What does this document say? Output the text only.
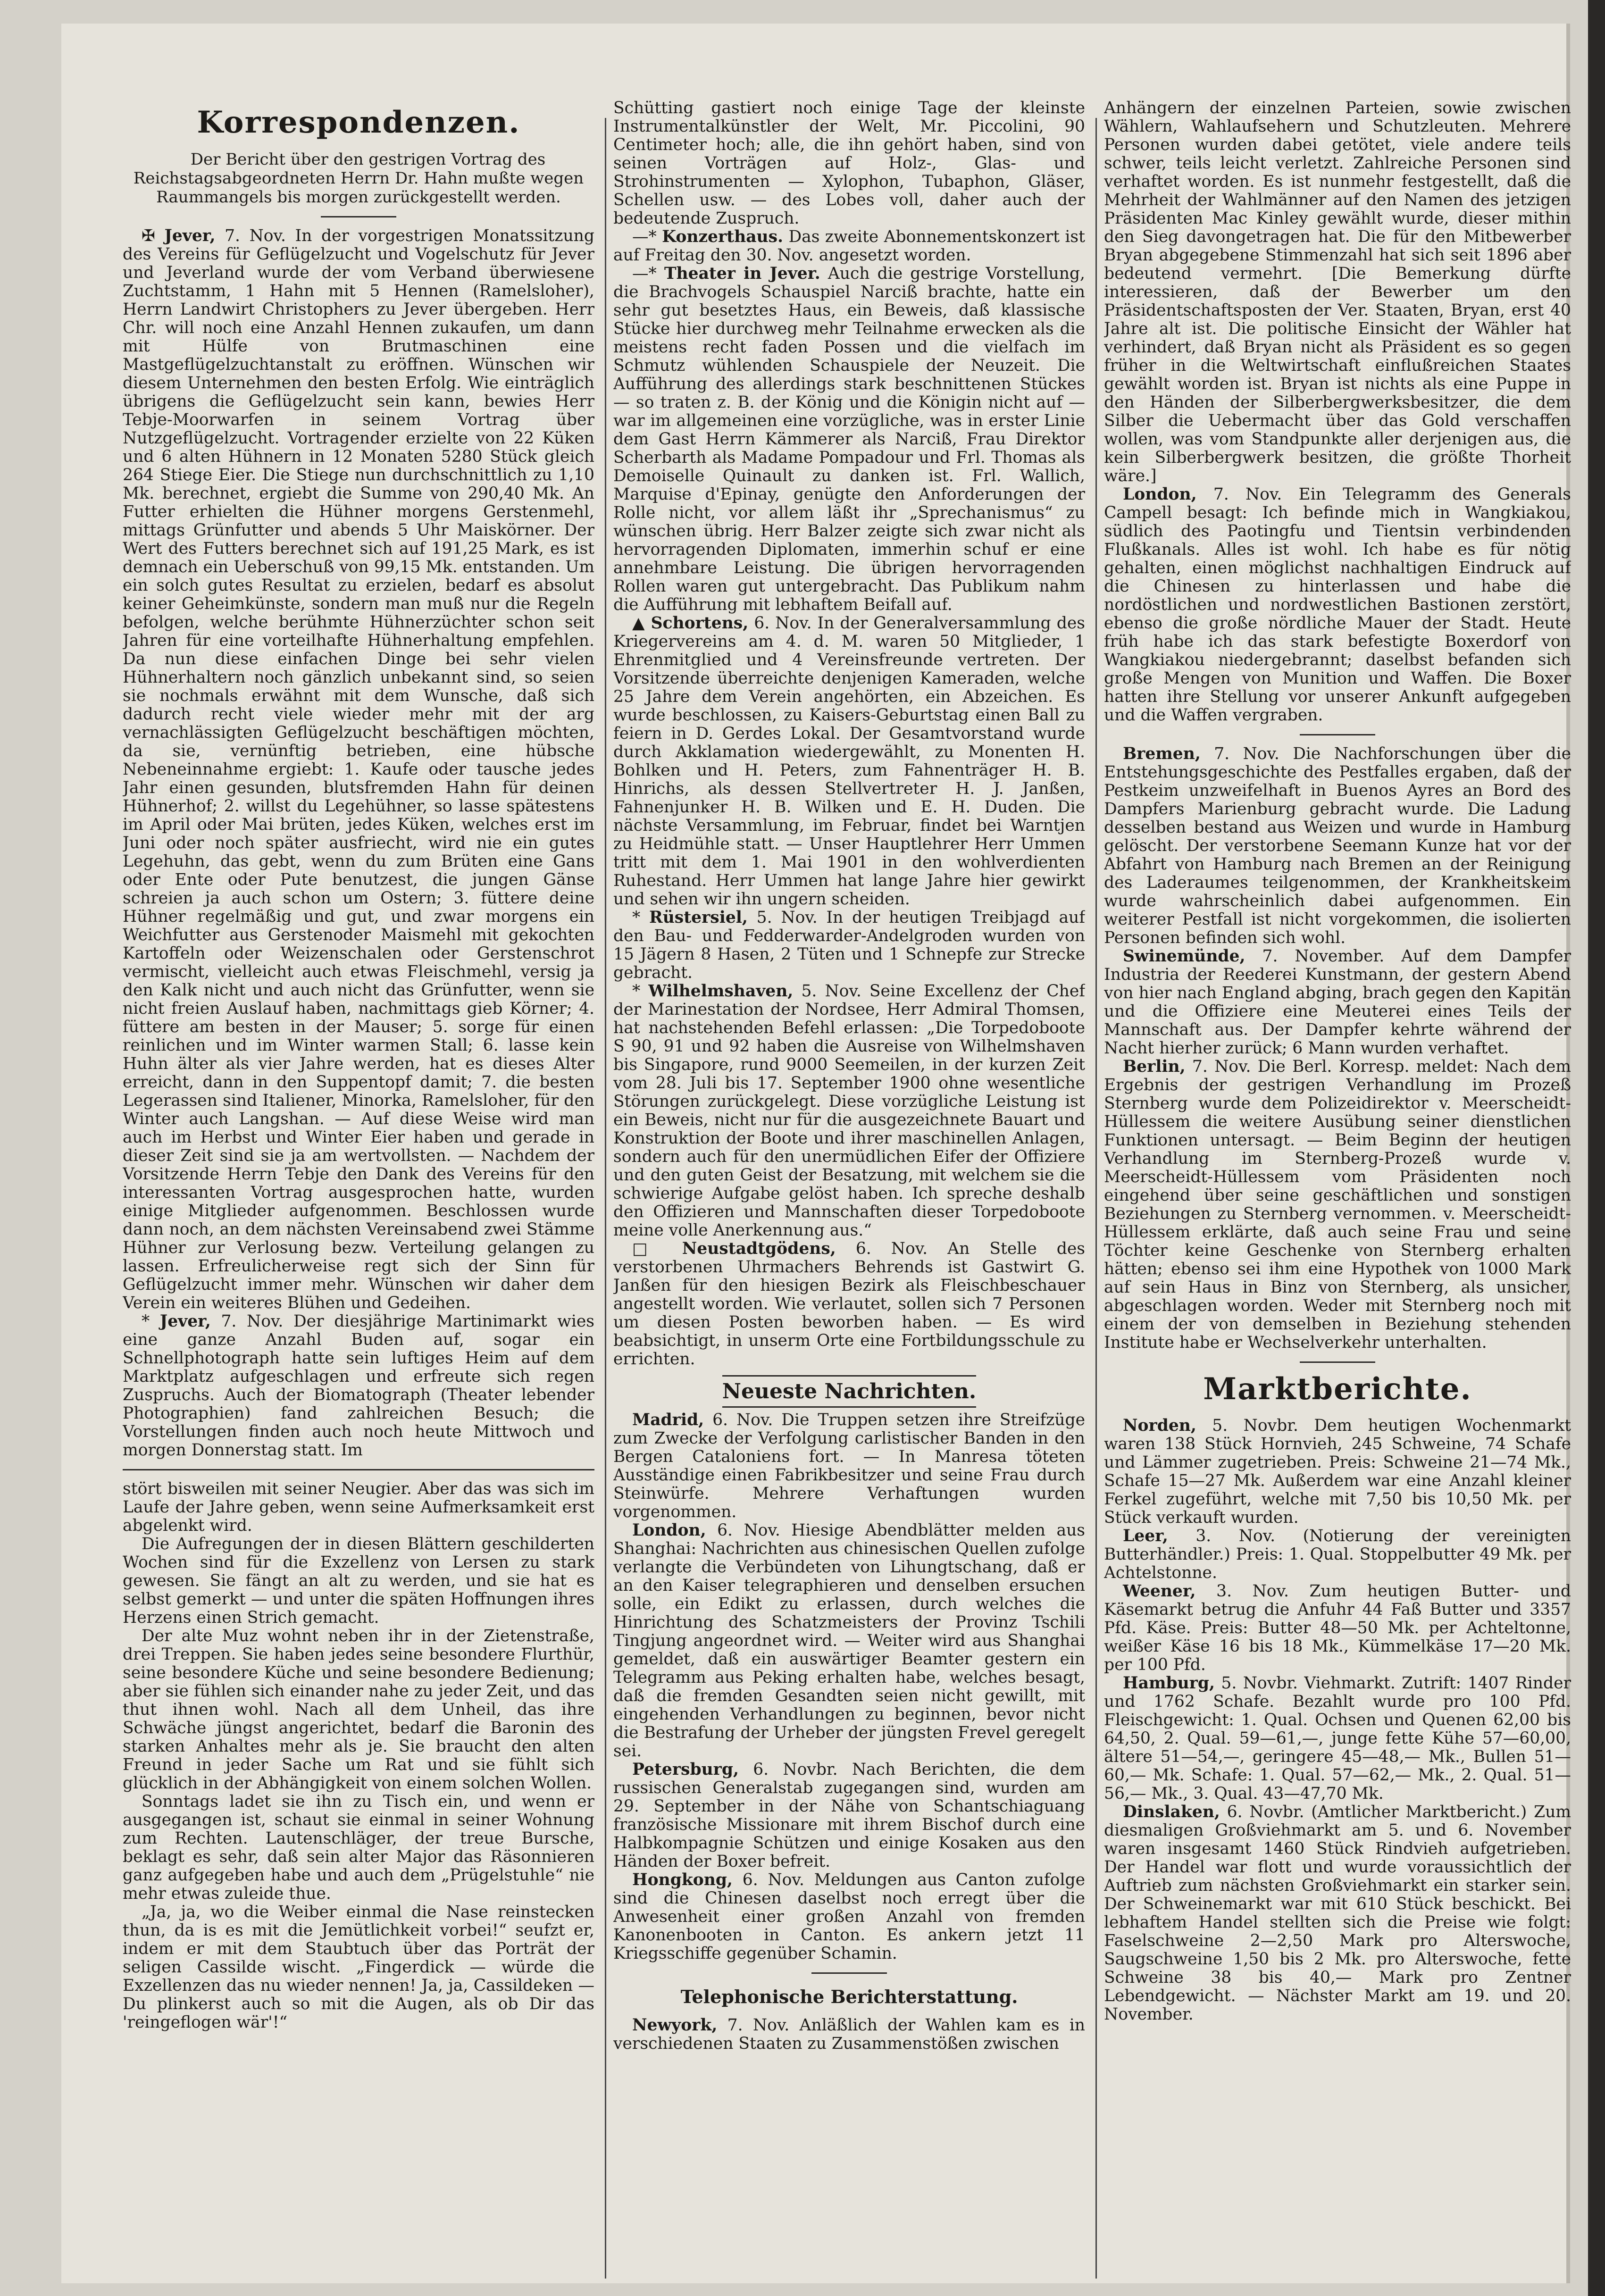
Korrespondenzen.

Der Bericht über den gestrigen Vortrag des Reichstagsabgeordneten Herrn Dr. Hahn mußte wegen Raummangels bis morgen zurückgestellt werden.

✠ Jever, 7. Nov. In der vorgestrigen Monatssitzung des Vereins für Geflügelzucht und Vogelschutz für Jever und Jeverland wurde der vom Verband überwiesene Zuchtstamm, 1 Hahn mit 5 Hennen (Ramelsloher), Herrn Landwirt Christophers zu Jever übergeben. Herr Chr. will noch eine Anzahl Hennen zukaufen, um dann mit Hülfe von Brutmaschinen eine Mastgeflügelzuchtanstalt zu eröffnen. Wünschen wir diesem Unternehmen den besten Erfolg. Wie einträglich übrigens die Geflügelzucht sein kann, bewies Herr Tebje-Moorwarfen in seinem Vortrag über Nutzgeflügelzucht. Vortragender erzielte von 22 Küken und 6 alten Hühnern in 12 Monaten 5280 Stück gleich 264 Stiege Eier. Die Stiege nun durchschnittlich zu 1,10 Mk. berechnet, ergiebt die Summe von 290,40 Mk. An Futter erhielten die Hühner morgens Gerstenmehl, mittags Grünfutter und abends 5 Uhr Maiskörner. Der Wert des Futters berechnet sich auf 191,25 Mark, es ist demnach ein Ueberschuß von 99,15 Mk. entstanden. Um ein solch gutes Resultat zu erzielen, bedarf es absolut keiner Geheimkünste, sondern man muß nur die Regeln befolgen, welche berühmte Hühnerzüchter schon seit Jahren für eine vorteilhafte Hühnerhaltung empfehlen. Da nun diese einfachen Dinge bei sehr vielen Hühnerhaltern noch gänzlich unbekannt sind, so seien sie nochmals erwähnt mit dem Wunsche, daß sich dadurch recht viele wieder mehr mit der arg vernachlässigten Geflügelzucht beschäftigen möchten, da sie, vernünftig betrieben, eine hübsche Nebeneinnahme ergiebt: 1. Kaufe oder tausche jedes Jahr einen gesunden, blutsfremden Hahn für deinen Hühnerhof; 2. willst du Legehühner, so lasse spätestens im April oder Mai brüten, jedes Küken, welches erst im Juni oder noch später ausfriecht, wird nie ein gutes Legehuhn, das gebt, wenn du zum Brüten eine Gans oder Ente oder Pute benutzest, die jungen Gänse schreien ja auch schon um Ostern; 3. füttere deine Hühner regelmäßig und gut, und zwar morgens ein Weichfutter aus Gerstenoder Maismehl mit gekochten Kartoffeln oder Weizenschalen oder Gerstenschrot vermischt, vielleicht auch etwas Fleischmehl, versig ja den Kalk nicht und auch nicht das Grünfutter, wenn sie nicht freien Auslauf haben, nachmittags gieb Körner; 4. füttere am besten in der Mauser; 5. sorge für einen reinlichen und im Winter warmen Stall; 6. lasse kein Huhn älter als vier Jahre werden, hat es dieses Alter erreicht, dann in den Suppentopf damit; 7. die besten Legerassen sind Italiener, Minorka, Ramelsloher, für den Winter auch Langshan. — Auf diese Weise wird man auch im Herbst und Winter Eier haben und gerade in dieser Zeit sind sie ja am wertvollsten. — Nachdem der Vorsitzende Herrn Tebje den Dank des Vereins für den interessanten Vortrag ausgesprochen hatte, wurden einige Mitglieder aufgenommen. Beschlossen wurde dann noch, an dem nächsten Vereinsabend zwei Stämme Hühner zur Verlosung bezw. Verteilung gelangen zu lassen. Erfreulicherweise regt sich der Sinn für Geflügelzucht immer mehr. Wünschen wir daher dem Verein ein weiteres Blühen und Gedeihen.

* Jever, 7. Nov. Der diesjährige Martinimarkt wies eine ganze Anzahl Buden auf, sogar ein Schnellphotograph hatte sein luftiges Heim auf dem Marktplatz aufgeschlagen und erfreute sich regen Zuspruchs. Auch der Biomatograph (Theater lebender Photographien) fand zahlreichen Besuch; die Vorstellungen finden auch noch heute Mittwoch und morgen Donnerstag statt. Im

stört bisweilen mit seiner Neugier. Aber das was sich im Laufe der Jahre geben, wenn seine Aufmerksamkeit erst abgelenkt wird.

Die Aufregungen der in diesen Blättern geschilderten Wochen sind für die Exzellenz von Lersen zu stark gewesen. Sie fängt an alt zu werden, und sie hat es selbst gemerkt — und unter die späten Hoffnungen ihres Herzens einen Strich gemacht.

Der alte Muz wohnt neben ihr in der Zietenstraße, drei Treppen. Sie haben jedes seine besondere Flurthür, seine besondere Küche und seine besondere Bedienung; aber sie fühlen sich einander nahe zu jeder Zeit, und das thut ihnen wohl. Nach all dem Unheil, das ihre Schwäche jüngst angerichtet, bedarf die Baronin des starken Anhaltes mehr als je. Sie braucht den alten Freund in jeder Sache um Rat und sie fühlt sich glücklich in der Abhängigkeit von einem solchen Wollen.

Sonntags ladet sie ihn zu Tisch ein, und wenn er ausgegangen ist, schaut sie einmal in seiner Wohnung zum Rechten. Lautenschläger, der treue Bursche, beklagt es sehr, daß sein alter Major das Räsonnieren ganz aufgegeben habe und auch dem „Prügelstuhle“ nie mehr etwas zuleide thue.

„Ja, ja, wo die Weiber einmal die Nase reinstecken thun, da is es mit die Jemütlichkeit vorbei!“ seufzt er, indem er mit dem Staubtuch über das Porträt der seligen Cassilde wischt. „Fingerdick — würde die Exzellenzen das nu wieder nennen! Ja, ja, Cassildeken — Du plinkerst auch so mit die Augen, als ob Dir das 'reingeflogen wär'!“

Schütting gastiert noch einige Tage der kleinste Instrumentalkünstler der Welt, Mr. Piccolini, 90 Centimeter hoch; alle, die ihn gehört haben, sind von seinen Vorträgen auf Holz-, Glas- und Strohinstrumenten — Xylophon, Tubaphon, Gläser, Schellen usw. — des Lobes voll, daher auch der bedeutende Zuspruch.

—* Konzerthaus. Das zweite Abonnementskonzert ist auf Freitag den 30. Nov. angesetzt worden.

—* Theater in Jever. Auch die gestrige Vorstellung, die Brachvogels Schauspiel Narciß brachte, hatte ein sehr gut besetztes Haus, ein Beweis, daß klassische Stücke hier durchweg mehr Teilnahme erwecken als die meistens recht faden Possen und die vielfach im Schmutz wühlenden Schauspiele der Neuzeit. Die Aufführung des allerdings stark beschnittenen Stückes — so traten z. B. der König und die Königin nicht auf — war im allgemeinen eine vorzügliche, was in erster Linie dem Gast Herrn Kämmerer als Narciß, Frau Direktor Scherbarth als Madame Pompadour und Frl. Thomas als Demoiselle Quinault zu danken ist. Frl. Wallich, Marquise d'Epinay, genügte den Anforderungen der Rolle nicht, vor allem läßt ihr „Sprechanismus“ zu wünschen übrig. Herr Balzer zeigte sich zwar nicht als hervorragenden Diplomaten, immerhin schuf er eine annehmbare Leistung. Die übrigen hervorragenden Rollen waren gut untergebracht. Das Publikum nahm die Aufführung mit lebhaftem Beifall auf.

▲ Schortens, 6. Nov. In der Generalversammlung des Kriegervereins am 4. d. M. waren 50 Mitglieder, 1 Ehrenmitglied und 4 Vereinsfreunde vertreten. Der Vorsitzende überreichte denjenigen Kameraden, welche 25 Jahre dem Verein angehörten, ein Abzeichen. Es wurde beschlossen, zu Kaisers-Geburtstag einen Ball zu feiern in D. Gerdes Lokal. Der Gesamtvorstand wurde durch Akklamation wiedergewählt, zu Monenten H. Bohlken und H. Peters, zum Fahnenträger H. B. Hinrichs, als dessen Stellvertreter H. J. Janßen, Fahnenjunker H. B. Wilken und E. H. Duden. Die nächste Versammlung, im Februar, findet bei Warntjen zu Heidmühle statt. — Unser Hauptlehrer Herr Ummen tritt mit dem 1. Mai 1901 in den wohlverdienten Ruhestand. Herr Ummen hat lange Jahre hier gewirkt und sehen wir ihn ungern scheiden.

* Rüstersiel, 5. Nov. In der heutigen Treibjagd auf den Bau- und Fedderwarder-Andelgroden wurden von 15 Jägern 8 Hasen, 2 Tüten und 1 Schnepfe zur Strecke gebracht.

* Wilhelmshaven, 5. Nov. Seine Excellenz der Chef der Marinestation der Nordsee, Herr Admiral Thomsen, hat nachstehenden Befehl erlassen: „Die Torpedoboote S 90, 91 und 92 haben die Ausreise von Wilhelmshaven bis Singapore, rund 9000 Seemeilen, in der kurzen Zeit vom 28. Juli bis 17. September 1900 ohne wesentliche Störungen zurückgelegt. Diese vorzügliche Leistung ist ein Beweis, nicht nur für die ausgezeichnete Bauart und Konstruktion der Boote und ihrer maschinellen Anlagen, sondern auch für den unermüdlichen Eifer der Offiziere und den guten Geist der Besatzung, mit welchem sie die schwierige Aufgabe gelöst haben. Ich spreche deshalb den Offizieren und Mannschaften dieser Torpedoboote meine volle Anerkennung aus.“

□ Neustadtgödens, 6. Nov. An Stelle des verstorbenen Uhrmachers Behrends ist Gastwirt G. Janßen für den hiesigen Bezirk als Fleischbeschauer angestellt worden. Wie verlautet, sollen sich 7 Personen um diesen Posten beworben haben. — Es wird beabsichtigt, in unserm Orte eine Fortbildungsschule zu errichten.

Neueste Nachrichten.

Madrid, 6. Nov. Die Truppen setzen ihre Streifzüge zum Zwecke der Verfolgung carlistischer Banden in den Bergen Cataloniens fort. — In Manresa töteten Ausständige einen Fabrikbesitzer und seine Frau durch Steinwürfe. Mehrere Verhaftungen wurden vorgenommen.

London, 6. Nov. Hiesige Abendblätter melden aus Shanghai: Nachrichten aus chinesischen Quellen zufolge verlangte die Verbündeten von Lihungtschang, daß er an den Kaiser telegraphieren und denselben ersuchen solle, ein Edikt zu erlassen, durch welches die Hinrichtung des Schatzmeisters der Provinz Tschili Tingjung angeordnet wird. — Weiter wird aus Shanghai gemeldet, daß ein auswärtiger Beamter gestern ein Telegramm aus Peking erhalten habe, welches besagt, daß die fremden Gesandten seien nicht gewillt, mit eingehenden Verhandlungen zu beginnen, bevor nicht die Bestrafung der Urheber der jüngsten Frevel geregelt sei.

Petersburg, 6. Novbr. Nach Berichten, die dem russischen Generalstab zugegangen sind, wurden am 29. September in der Nähe von Schantschiaguang französische Missionare mit ihrem Bischof durch eine Halbkompagnie Schützen und einige Kosaken aus den Händen der Boxer befreit.

Hongkong, 6. Nov. Meldungen aus Canton zufolge sind die Chinesen daselbst noch erregt über die Anwesenheit einer großen Anzahl von fremden Kanonenbooten in Canton. Es ankern jetzt 11 Kriegsschiffe gegenüber Schamin.

Telephonische Berichterstattung.

Newyork, 7. Nov. Anläßlich der Wahlen kam es in verschiedenen Staaten zu Zusammenstößen zwischen

Anhängern der einzelnen Parteien, sowie zwischen Wählern, Wahlaufsehern und Schutzleuten. Mehrere Personen wurden dabei getötet, viele andere teils schwer, teils leicht verletzt. Zahlreiche Personen sind verhaftet worden. Es ist nunmehr festgestellt, daß die Mehrheit der Wahlmänner auf den Namen des jetzigen Präsidenten Mac Kinley gewählt wurde, dieser mithin den Sieg davongetragen hat. Die für den Mitbewerber Bryan abgegebene Stimmenzahl hat sich seit 1896 aber bedeutend vermehrt. [Die Bemerkung dürfte interessieren, daß der Bewerber um den Präsidentschaftsposten der Ver. Staaten, Bryan, erst 40 Jahre alt ist. Die politische Einsicht der Wähler hat verhindert, daß Bryan nicht als Präsident es so gegen früher in die Weltwirtschaft einflußreichen Staates gewählt worden ist. Bryan ist nichts als eine Puppe in den Händen der Silberbergwerksbesitzer, die dem Silber die Uebermacht über das Gold verschaffen wollen, was vom Standpunkte aller derjenigen aus, die kein Silberbergwerk besitzen, die größte Thorheit wäre.]

London, 7. Nov. Ein Telegramm des Generals Campell besagt: Ich befinde mich in Wangkiakou, südlich des Paotingfu und Tientsin verbindenden Flußkanals. Alles ist wohl. Ich habe es für nötig gehalten, einen möglichst nachhaltigen Eindruck auf die Chinesen zu hinterlassen und habe die nordöstlichen und nordwestlichen Bastionen zerstört, ebenso die große nördliche Mauer der Stadt. Heute früh habe ich das stark befestigte Boxerdorf von Wangkiakou niedergebrannt; daselbst befanden sich große Mengen von Munition und Waffen. Die Boxer hatten ihre Stellung vor unserer Ankunft aufgegeben und die Waffen vergraben.

Bremen, 7. Nov. Die Nachforschungen über die Entstehungsgeschichte des Pestfalles ergaben, daß der Pestkeim unzweifelhaft in Buenos Ayres an Bord des Dampfers Marienburg gebracht wurde. Die Ladung desselben bestand aus Weizen und wurde in Hamburg gelöscht. Der verstorbene Seemann Kunze hat vor der Abfahrt von Hamburg nach Bremen an der Reinigung des Laderaumes teilgenommen, der Krankheitskeim wurde wahrscheinlich dabei aufgenommen. Ein weiterer Pestfall ist nicht vorgekommen, die isolierten Personen befinden sich wohl.

Swinemünde, 7. November. Auf dem Dampfer Industria der Reederei Kunstmann, der gestern Abend von hier nach England abging, brach gegen den Kapitän und die Offiziere eine Meuterei eines Teils der Mannschaft aus. Der Dampfer kehrte während der Nacht hierher zurück; 6 Mann wurden verhaftet.

Berlin, 7. Nov. Die Berl. Korresp. meldet: Nach dem Ergebnis der gestrigen Verhandlung im Prozeß Sternberg wurde dem Polizeidirektor v. Meerscheidt-Hüllessem die weitere Ausübung seiner dienstlichen Funktionen untersagt. — Beim Beginn der heutigen Verhandlung im Sternberg-Prozeß wurde v. Meerscheidt-Hüllessem vom Präsidenten noch eingehend über seine geschäftlichen und sonstigen Beziehungen zu Sternberg vernommen. v. Meerscheidt-Hüllessem erklärte, daß auch seine Frau und seine Töchter keine Geschenke von Sternberg erhalten hätten; ebenso sei ihm eine Hypothek von 1000 Mark auf sein Haus in Binz von Sternberg, als unsicher, abgeschlagen worden. Weder mit Sternberg noch mit einem der von demselben in Beziehung stehenden Institute habe er Wechselverkehr unterhalten.

Marktberichte.

Norden, 5. Novbr. Dem heutigen Wochenmarkt waren 138 Stück Hornvieh, 245 Schweine, 74 Schafe und Lämmer zugetrieben. Preis: Schweine 21—74 Mk., Schafe 15—27 Mk. Außerdem war eine Anzahl kleiner Ferkel zugeführt, welche mit 7,50 bis 10,50 Mk. per Stück verkauft wurden.

Leer, 3. Nov. (Notierung der vereinigten Butterhändler.) Preis: 1. Qual. Stoppelbutter 49 Mk. per Achtelstonne.

Weener, 3. Nov. Zum heutigen Butter- und Käsemarkt betrug die Anfuhr 44 Faß Butter und 3357 Pfd. Käse. Preis: Butter 48—50 Mk. per Achteltonne, weißer Käse 16 bis 18 Mk., Kümmelkäse 17—20 Mk. per 100 Pfd.

Hamburg, 5. Novbr. Viehmarkt. Zutrift: 1407 Rinder und 1762 Schafe. Bezahlt wurde pro 100 Pfd. Fleischgewicht: 1. Qual. Ochsen und Quenen 62,00 bis 64,50, 2. Qual. 59—61,—, junge fette Kühe 57—60,00, ältere 51—54,—, geringere 45—48,— Mk., Bullen 51—60,— Mk. Schafe: 1. Qual. 57—62,— Mk., 2. Qual. 51—56,— Mk., 3. Qual. 43—47,70 Mk.

Dinslaken, 6. Novbr. (Amtlicher Marktbericht.) Zum diesmaligen Großviehmarkt am 5. und 6. November waren insgesamt 1460 Stück Rindvieh aufgetrieben. Der Handel war flott und wurde voraussichtlich der Auftrieb zum nächsten Großviehmarkt ein starker sein. Der Schweinemarkt war mit 610 Stück beschickt. Bei lebhaftem Handel stellten sich die Preise wie folgt: Faselschweine 2—2,50 Mark pro Alterswoche, Saugschweine 1,50 bis 2 Mk. pro Alterswoche, fette Schweine 38 bis 40,— Mark pro Zentner Lebendgewicht. — Nächster Markt am 19. und 20. November.
